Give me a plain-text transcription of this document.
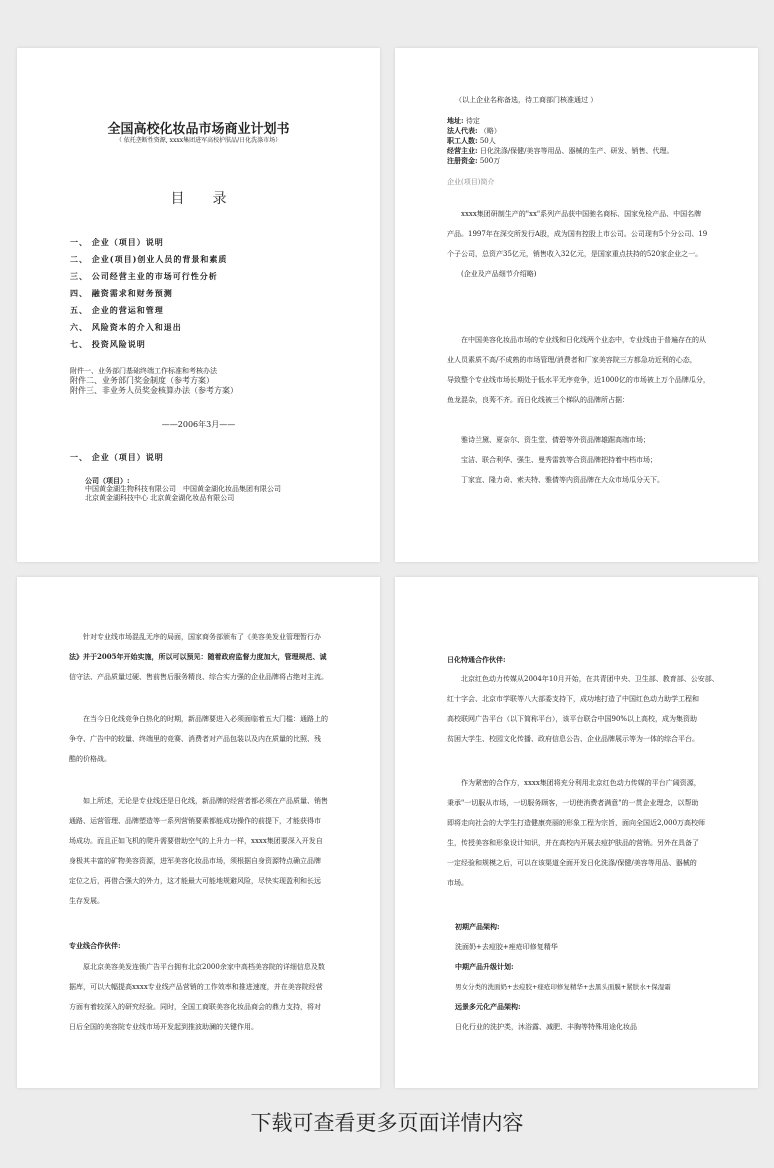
全国高校化妆品市场商业计划书
（ 依托垄断性资源, xxxx集团进军高校护肤品/日化洗涤市场）
目　　录
一、 企业（项目）说明
二、 企业(项目)创业人员的背景和素质
三、 公司经营主业的市场可行性分析
四、 融资需求和财务预测
五、 企业的营运和管理
六、 风险资本的介入和退出
七、 投资风险说明
附件一、业务部门基础终端工作标准和考核办法
附件二、业务部门奖金制度（参考方案）
附件三、非业务人员奖金核算办法（参考方案）
——2006年3月——
一、 企业（项目）说明
公司（项目）:
中国黄金湖生物科技有限公司　中国黄金湖化妆品集团有限公司
北京黄金湖科技中心 北京黄金湖化妆品有限公司
（以上企业名称备选，待工商部门核准通过 ）
地址: 待定
法人代表: （略）
职工人数: 50人
经营主业: 日化洗涤/保健/美容等用品、器械的生产、研发、销售、代理。
注册资金: 500万
企业(项目)简介
　　xxxx集团研制生产的"xx"系列产品获中国驰名商标、国家免检产品、中国名牌
产品。1997年在深交所发行A股，成为国有控股上市公司。公司现有5个分公司、19
个子公司，总资产35亿元，销售收入32亿元，是国家重点扶持的520家企业之一。
　　(企业及产品细节介绍略)
　　在中国美容化妆品市场的专业线和日化线两个业态中，专业线由于普遍存在的从
业人员素质不高/不成熟的市场管理/消费者和厂家美容院三方都急功近利的心态，
导致整个专业线市场长期处于低水平无序竞争，近1000亿的市场被上万个品牌瓜分，
鱼龙混杂，良莠不齐。而日化线被三个梯队的品牌所占据：
　　雅诗兰黛、夏奈尔、资生堂、倩碧等外资品牌雄踞高端市场；
　　宝洁、联合利华、强生、曼秀雷敦等合资品牌把持着中档市场；
　　丁家宜、隆力奇、索夫特、雅倩等内资品牌在大众市场瓜分天下。
　　针对专业线市场混乱无序的局面，国家商务部颁布了《美容美发业管理暂行办
法》并于2005年开始实施，所以可以预见：随着政府监督力度加大，管理规范、诚
信守法、产品质量过硬、售前售后服务精良、综合实力强的企业品牌将占绝对主流。
　　在当今日化线竞争白热化的时期，新品牌要进入必须面临着五大门槛：通路上的
争夺、广告中的较量、终端里的竞赛、消费者对产品包装以及内在质量的比照、残
酷的价格战。
　　如上所述，无论是专业线还是日化线，新品牌的经营者都必须在产品质量、销售
通路、运营管理、品牌塑造等一系列营销要素都能成功操作的前提下，才能获得市
场成功。而且正如飞机的爬升需要借助空气的上升力一样，xxxx集团要深入开发自
身极其丰富的矿物美容资源，进军美容化妆品市场，须根据自身资源特点确立品牌
定位之后，再借合强大的外力，这才能最大可能地规避风险，尽快实现盈利和长远
生存发展。
专业线合作伙伴:
　　原北京美容美发连锁广告平台拥有北京2000余家中高档美容院的详细信息及数
据库，可以大幅提高xxxx专业线产品营销的工作效率和推进速度，并在美容院经营
方面有着较深入的研究经验。同时，全国工商联美容化妆品商会的鼎力支持，将对
日后全国的美容院专业线市场开发起到推波助澜的关键作用。
日化特通合作伙伴:
　　北京红色动力传媒从2004年10月开始，在共青团中央、卫生部、教育部、公安部、
红十字会、北京市学联等八大部委支持下，成功地打造了中国红色动力助学工程和
高校联网广告平台（以下简称平台），该平台联合中国90%以上高校，成为集资助
贫困大学生、校园文化传播、政府信息公告、企业品牌展示等为一体的综合平台。
　　作为紧密的合作方，xxxx集团将充分利用北京红色动力传媒的平台广阔资源，
秉承"一切服从市场，一切服务顾客，一切使消费者满意"的一贯企业理念，以帮助
即将走向社会的大学生打造健康亮丽的形象工程为宗旨，面向全国近2,000万高校师
生，传授美容和形象设计知识，并在高校内开展去痘护肤品的营销。另外在具备了
一定经验和规模之后，可以在该渠道全面开发日化洗涤/保健/美容等用品、器械的
市场。
初期产品架构:
洗面奶+去痘胶+痤疮印修复精华
中期产品升级计划:
男女分类的洗面奶+去痘胶+痤疮印修复精华+去黑头面膜+紧肤水+保湿霜
远景多元化产品架构:
日化行业的洗护类，沐浴露、减肥、丰胸等特殊用途化妆品
下载可查看更多页面详情内容
